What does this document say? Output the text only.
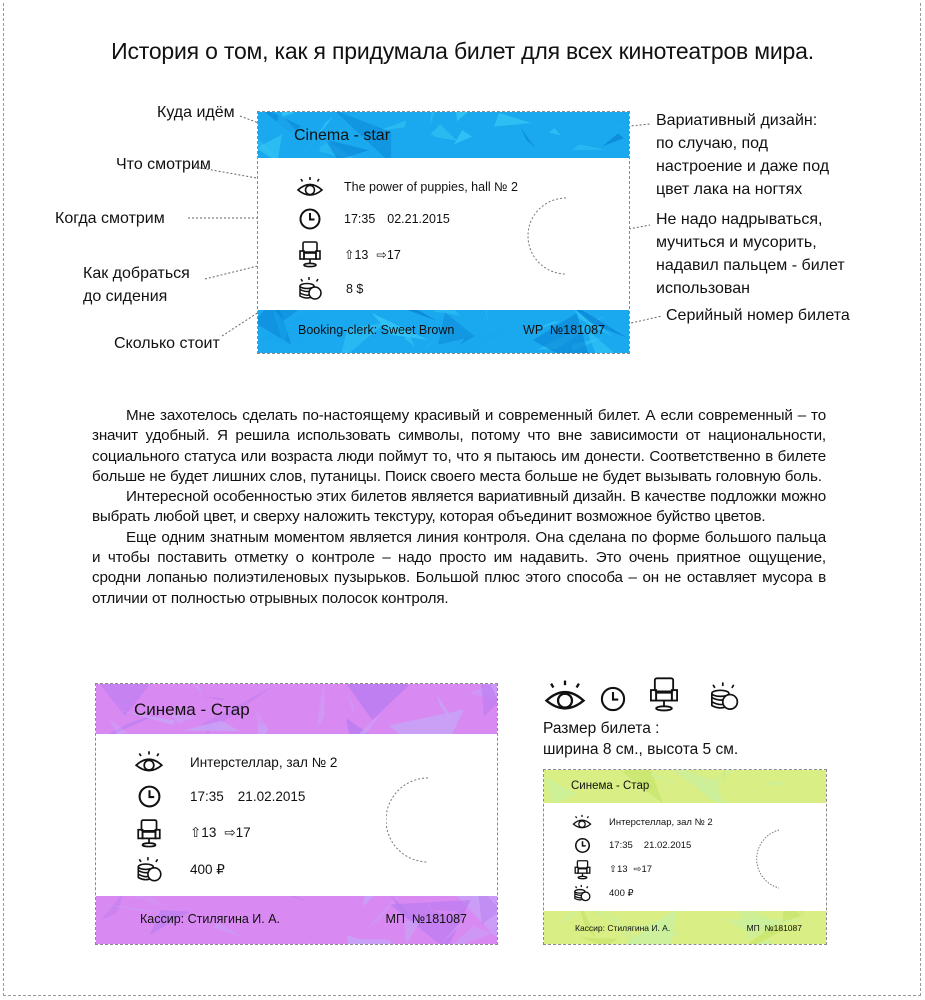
История о том, как я придумала билет для всех кинотеатров мира.
Куда идём
Что смотрим
Когда смотрим
Как добраться
до сидения
Сколько стоит
Вариативный дизайн:
по случаю, под
настроение и даже под
цвет лака на ногтях
Не надо надрываться,
мучиться и мусорить,
надавил пальцем - билет
использован
Серийный номер билета
Cinema - star
The power of puppies, hall № 2
17:35 02.21.2015
⇧13 ⇨17
8 $
Booking-clerk: Sweet Brown	WP  №181087

Мне захотелось сделать по-настоящему красивый и современный билет. А если современный – то значит удобный. Я решила использовать символы, потому что вне зависимости от национальности, социального статуса или возраста люди поймут то, что я пытаюсь им донести. Соответственно в билете больше не будет лишних слов, путаницы. Поиск своего места больше не будет вызывать головную боль.

Интересной особенностью этих билетов является вариативный дизайн. В качестве подложки можно выбрать любой цвет, и сверху наложить текстуру, которая объединит возможное буйство цветов.

Еще одним знатным моментом является линия контроля. Она сделана по форме большого пальца и чтобы поставить отметку о контроле – надо просто им надавить. Это очень приятное ощущение, сродни лопанью полиэтиленовых пузырьков. Большой плюс этого способа – он не оставляет мусора в отличии от полностью отрывных полосок контроля.

Синема - Стар
Интерстеллар, зал № 2
17:35 21.02.2015
⇧13 ⇨17
400 ₽
Кассир: Стилягина И. А.	МП  №181087
Размер билета :
ширина 8 см., высота 5 см.
Синема - Стар
Интерстеллар, зал № 2
17:35 21.02.2015
⇧13 ⇨17
400 ₽
Кассир: Стилягина И. А.	МП  №181087
